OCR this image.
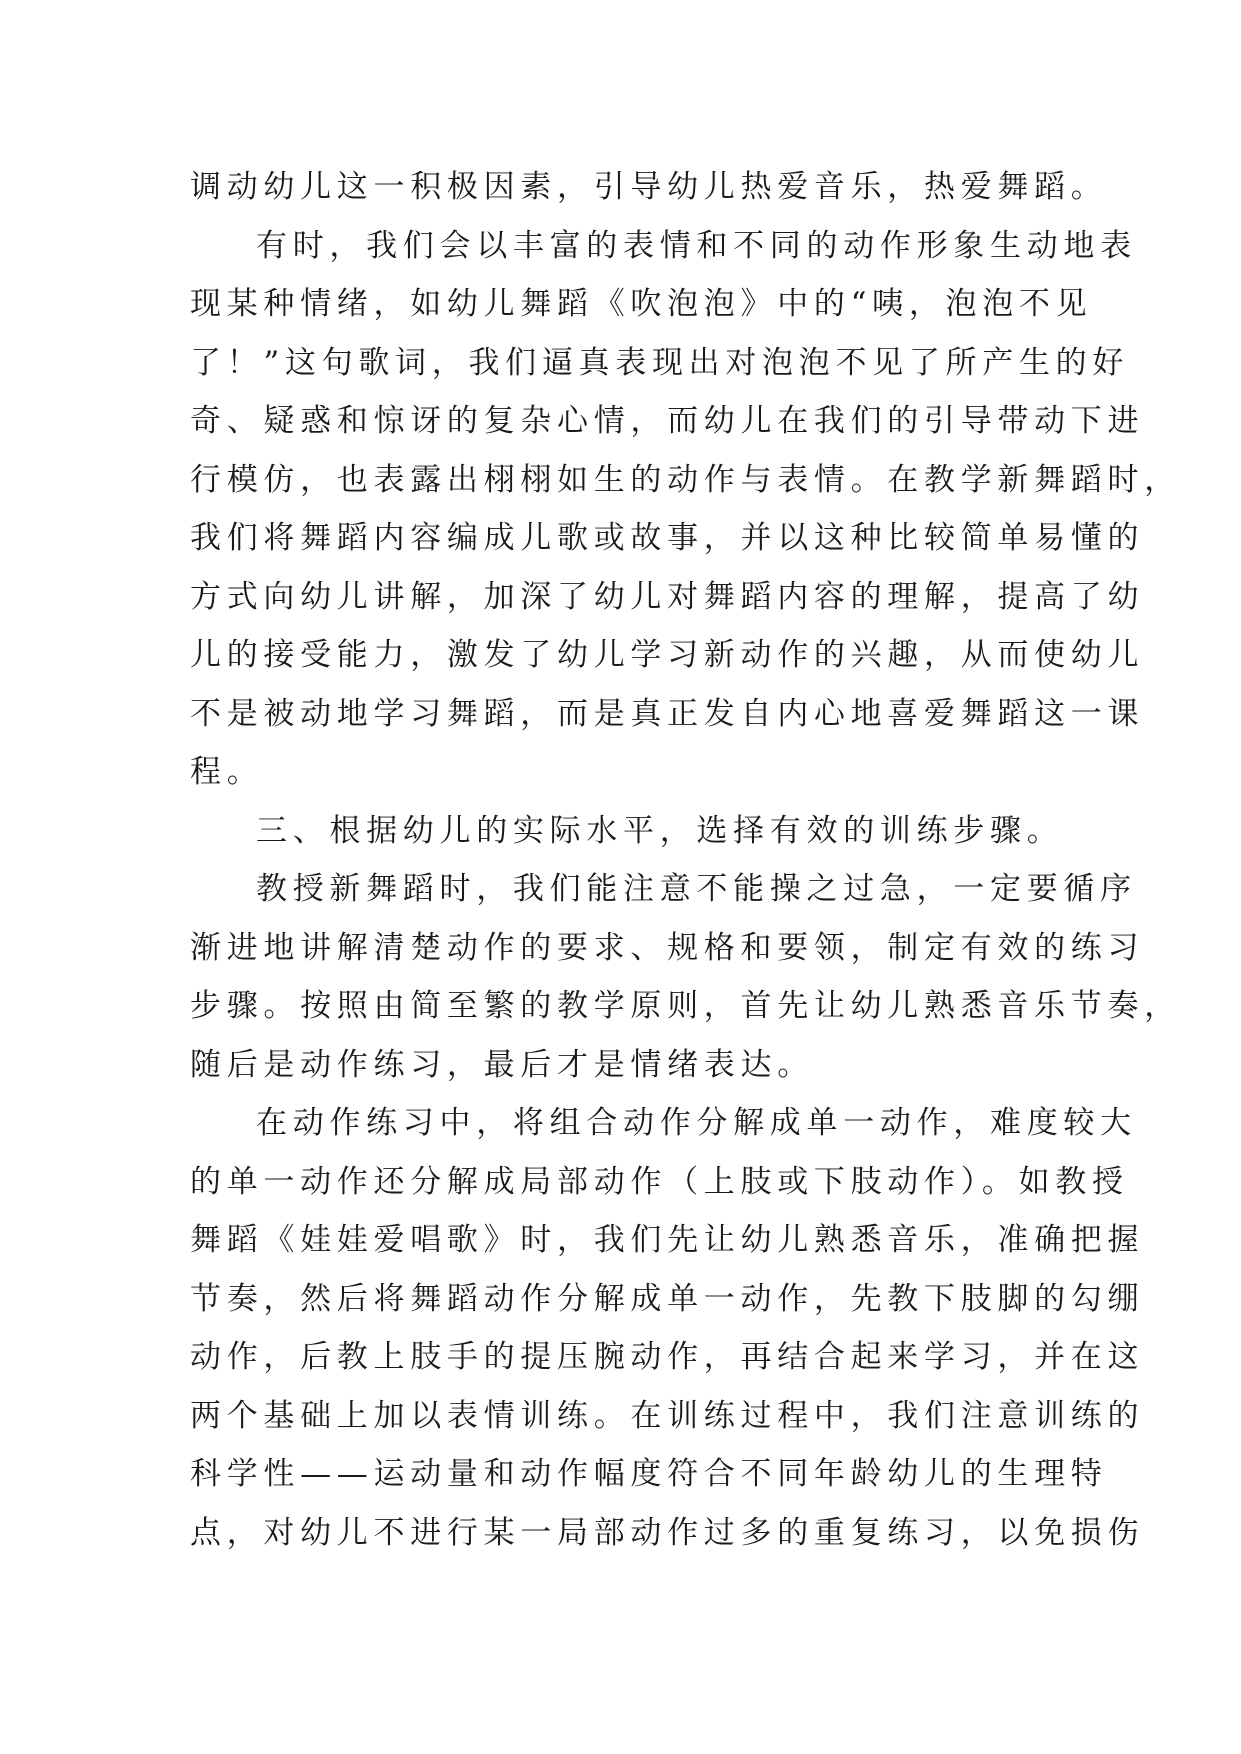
调动幼儿这一积极因素，引导幼儿热爱音乐，热爱舞蹈。
有时，我们会以丰富的表情和不同的动作形象生动地表
现某种情绪，如幼儿舞蹈《吹泡泡》中的“咦，泡泡不见
了！”这句歌词，我们逼真表现出对泡泡不见了所产生的好
奇、疑惑和惊讶的复杂心情，而幼儿在我们的引导带动下进
行模仿，也表露出栩栩如生的动作与表情。在教学新舞蹈时，
我们将舞蹈内容编成儿歌或故事，并以这种比较简单易懂的
方式向幼儿讲解，加深了幼儿对舞蹈内容的理解，提高了幼
儿的接受能力，激发了幼儿学习新动作的兴趣，从而使幼儿
不是被动地学习舞蹈，而是真正发自内心地喜爱舞蹈这一课
程。
三、根据幼儿的实际水平，选择有效的训练步骤。
教授新舞蹈时，我们能注意不能操之过急，一定要循序
渐进地讲解清楚动作的要求、规格和要领，制定有效的练习
步骤。按照由简至繁的教学原则，首先让幼儿熟悉音乐节奏，
随后是动作练习，最后才是情绪表达。
在动作练习中，将组合动作分解成单一动作，难度较大
的单一动作还分解成局部动作（上肢或下肢动作）。如教授
舞蹈《娃娃爱唱歌》时，我们先让幼儿熟悉音乐，准确把握
节奏，然后将舞蹈动作分解成单一动作，先教下肢脚的勾绷
动作，后教上肢手的提压腕动作，再结合起来学习，并在这
两个基础上加以表情训练。在训练过程中，我们注意训练的
科学性——运动量和动作幅度符合不同年龄幼儿的生理特
点，对幼儿不进行某一局部动作过多的重复练习，以免损伤
